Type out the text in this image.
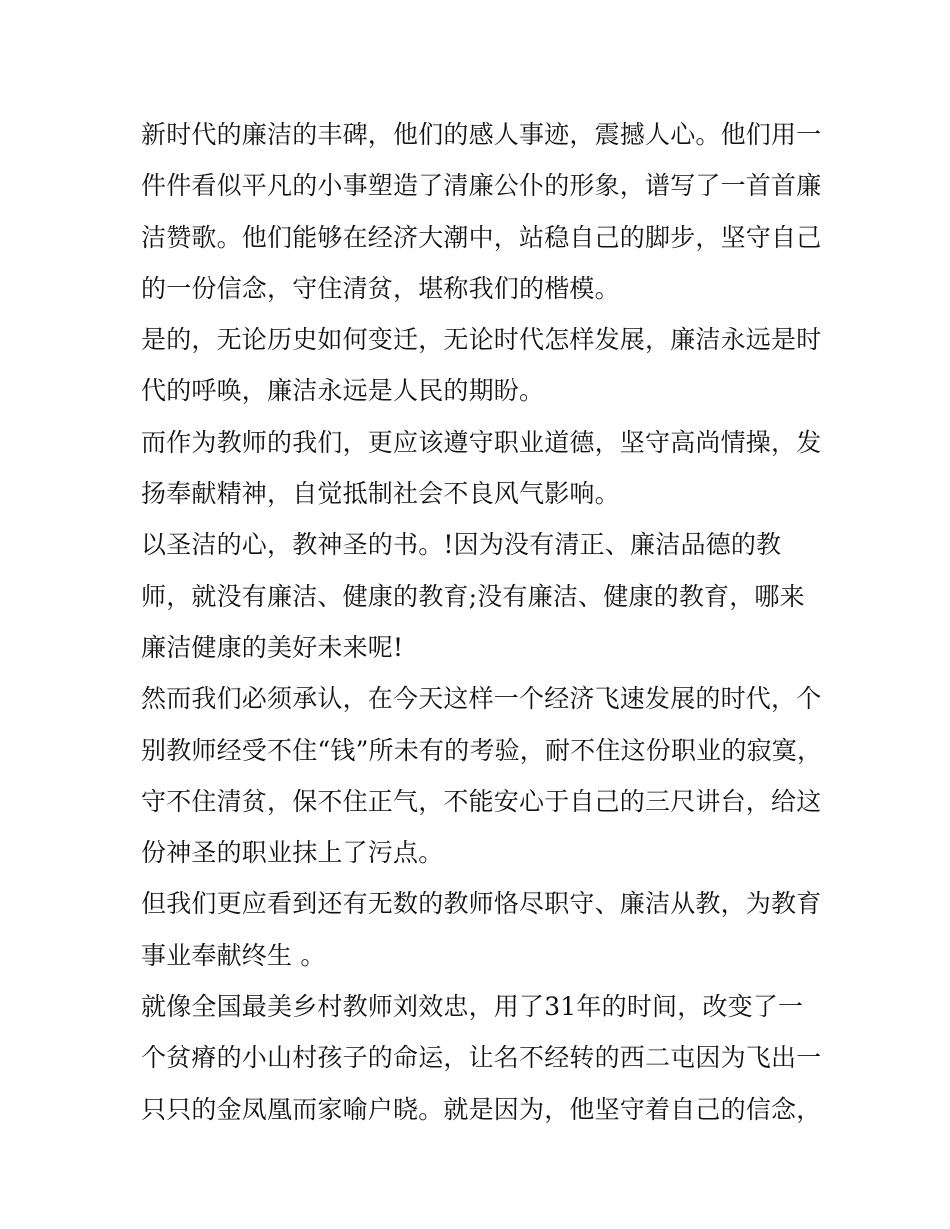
新时代的廉洁的丰碑，他们的感人事迹，震撼人心。他们用一
件件看似平凡的小事塑造了清廉公仆的形象，谱写了一首首廉
洁赞歌。他们能够在经济大潮中，站稳自己的脚步，坚守自己
的一份信念，守住清贫，堪称我们的楷模。
是的，无论历史如何变迁，无论时代怎样发展，廉洁永远是时
代的呼唤，廉洁永远是人民的期盼。
而作为教师的我们，更应该遵守职业道德，坚守高尚情操，发
扬奉献精神，自觉抵制社会不良风气影响。
以圣洁的心，教神圣的书。!因为没有清正、廉洁品德的教
师，就没有廉洁、健康的教育;没有廉洁、健康的教育，哪来
廉洁健康的美好未来呢!
然而我们必须承认，在今天这样一个经济飞速发展的时代，个
别教师经受不住“钱”所未有的考验，耐不住这份职业的寂寞，
守不住清贫，保不住正气，不能安心于自己的三尺讲台，给这
份神圣的职业抹上了污点。
但我们更应看到还有无数的教师恪尽职守、廉洁从教，为教育
事业奉献终生 。
就像全国最美乡村教师刘效忠，用了31年的时间，改变了一
个贫瘠的小山村孩子的命运，让名不经转的西二屯因为飞出一
只只的金凤凰而家喻户晓。就是因为，他坚守着自己的信念，
